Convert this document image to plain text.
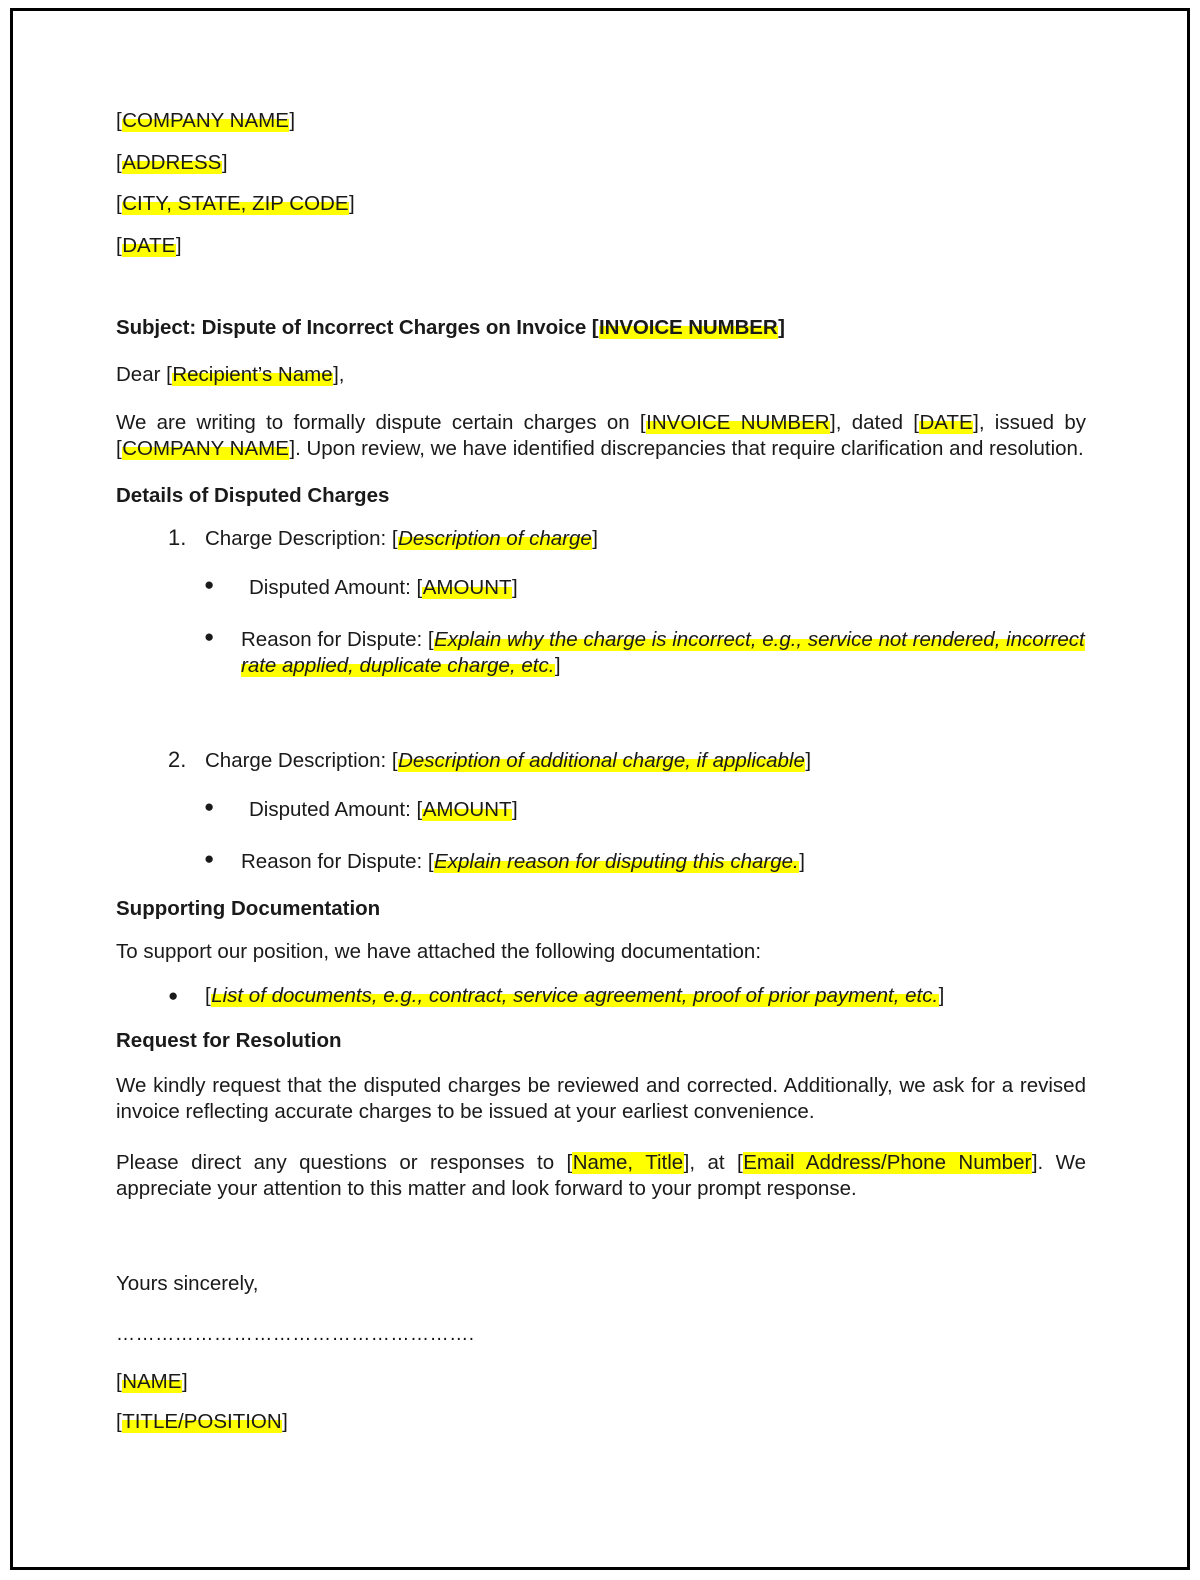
[COMPANY NAME]
[ADDRESS]
[CITY, STATE, ZIP CODE]
[DATE]
Subject: Dispute of Incorrect Charges on Invoice [INVOICE NUMBER]
Dear [Recipient’s Name],
We are writing to formally dispute certain charges on [INVOICE NUMBER], dated [DATE], issued by [COMPANY NAME]. Upon review, we have identified discrepancies that require clarification and resolution.
Details of Disputed Charges
1. Charge Description: [Description of charge]
● Disputed Amount: [AMOUNT]
● Reason for Dispute: [Explain why the charge is incorrect, e.g., service not rendered, incorrect rate applied, duplicate charge, etc.]
2. Charge Description: [Description of additional charge, if applicable]
● Disputed Amount: [AMOUNT]
● Reason for Dispute: [Explain reason for disputing this charge.]
Supporting Documentation
To support our position, we have attached the following documentation:
● [List of documents, e.g., contract, service agreement, proof of prior payment, etc.]
Request for Resolution
We kindly request that the disputed charges be reviewed and corrected. Additionally, we ask for a revised invoice reflecting accurate charges to be issued at your earliest convenience.
Please direct any questions or responses to [Name, Title], at [Email Address/Phone Number]. We appreciate your attention to this matter and look forward to your prompt response.
Yours sincerely,
……………………………………………….
[NAME]
[TITLE/POSITION]
